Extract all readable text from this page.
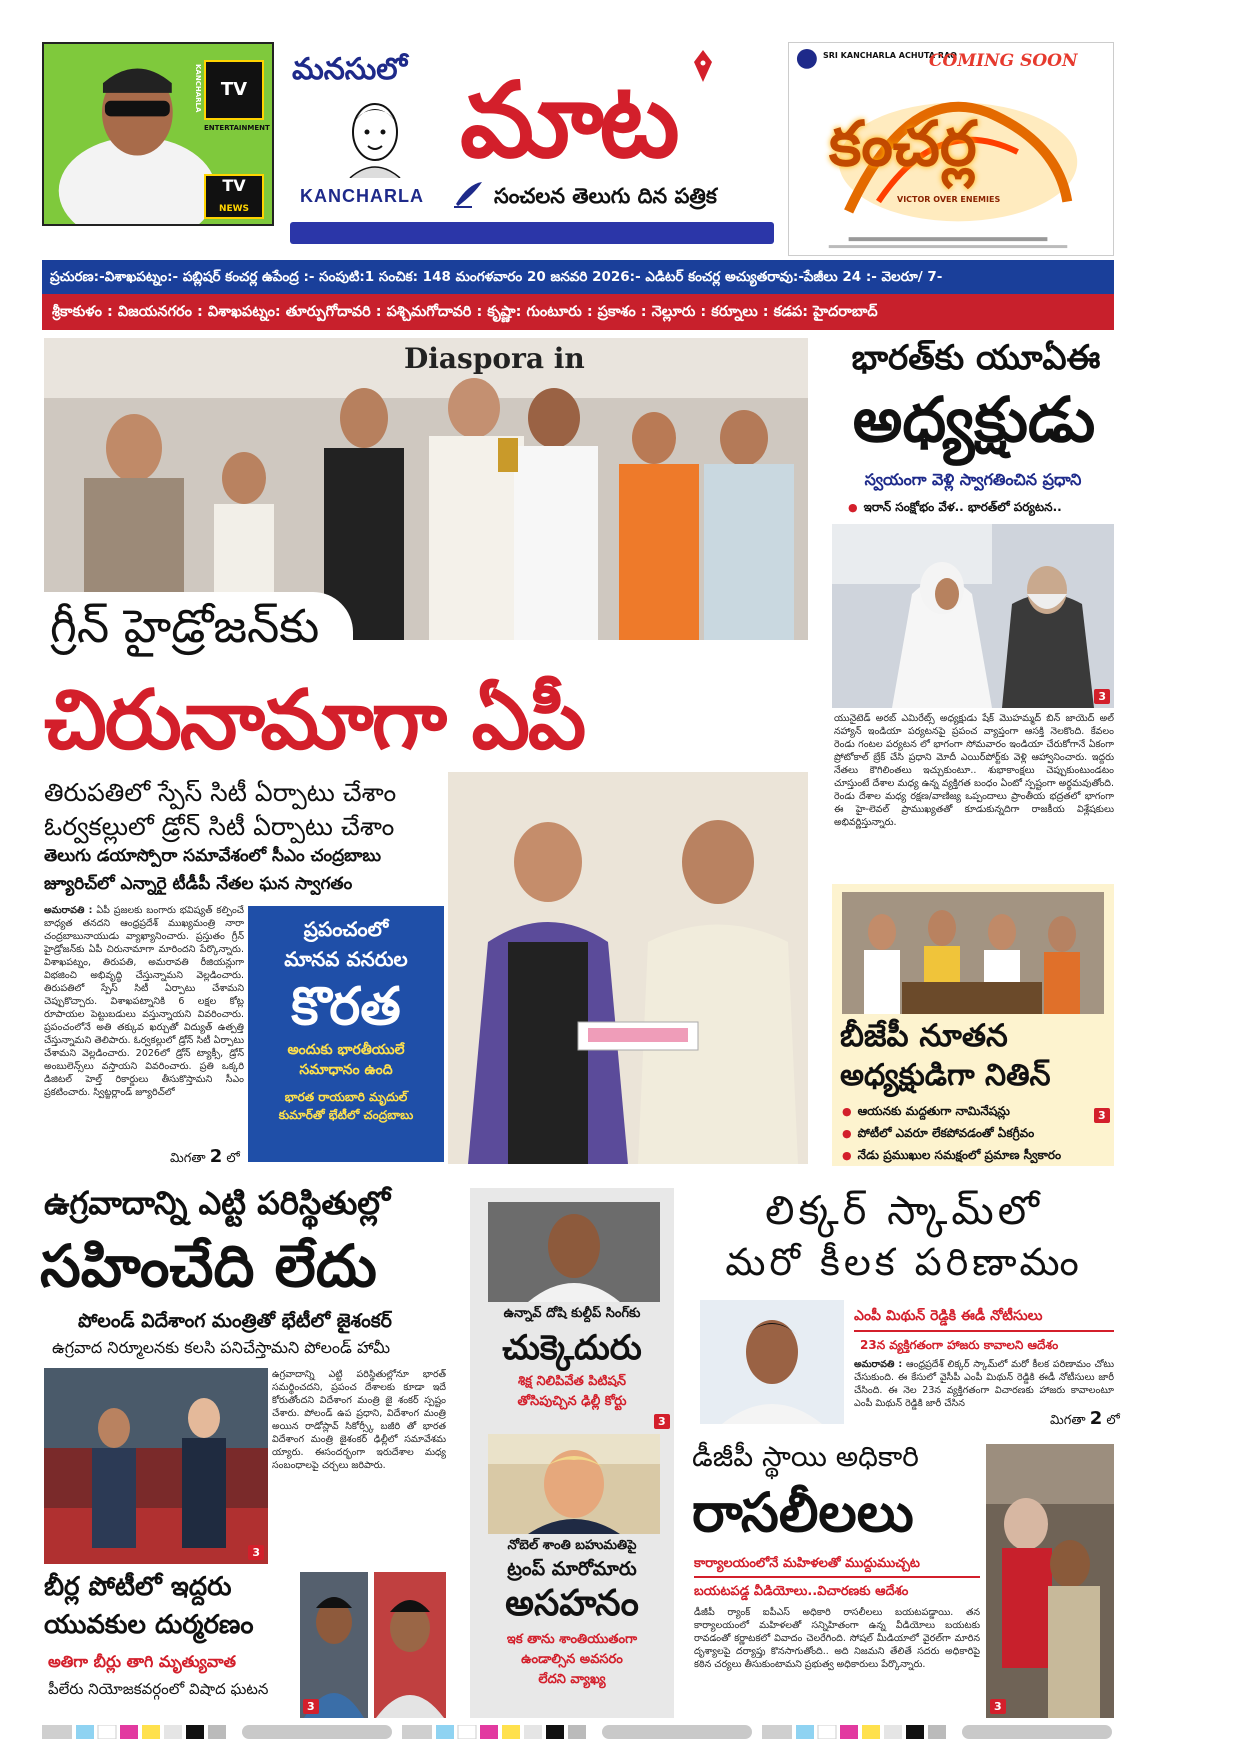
TV
TV
NEWS
ENTERTAINMENT
KANCHARLA	మనసులో మాట
KANCHARLA	సంచలన తెలుగు దిన పత్రిక
SRI KANCHARLA ACHUTA RAO
COMING SOON
కంచర్ల
VICTOR OVER ENEMIES
ప్రచురణ:-విశాఖపట్నం:- పబ్లిషర్ కంచర్ల ఉపేంద్ర :- సంపుటి:1 సంచిక: 148 మంగళవారం 20 జనవరి 2026:- ఎడిటర్ కంచర్ల అచ్యుతరావు:-పేజీలు 24 :- వెలరూ/ 7-
శ్రీకాకుళం : విజయనగరం : విశాఖపట్నం: తూర్పుగోదావరి : పశ్చిమగోదావరి : కృష్ణా: గుంటూరు : ప్రకాశం : నెల్లూరు : కర్నూలు : కడప: హైదరాబాద్
Diaspora in
గ్రీన్ హైడ్రోజన్‌కు
చిరునామాగా ఏపీ
తిరుపతిలో స్పేస్ సిటీ ఏర్పాటు చేశాం
ఓర్వకల్లులో డ్రోన్ సిటీ ఏర్పాటు చేశాం
తెలుగు డయాస్పోరా సమావేశంలో సీఎం చంద్రబాబు
జ్యూరిచ్‌లో ఎన్నారై టీడీపీ నేతల ఘన స్వాగతం
అమరావతి : ఏపీ ప్రజలకు బంగారు భవిష్యత్ కల్పించే బాధ్యత తనదని ఆంధ్రప్రదేశ్ ముఖ్యమంత్రి నారా చంద్రబాబునాయుడు వ్యాఖ్యానించారు. ప్రస్తుతం గ్రీన్ హైడ్రోజన్‌కు ఏపీ చిరునామాగా మారిందని పేర్కొన్నారు. విశాఖపట్నం, తిరుపతి, అమరావతి రీజియన్లుగా విభజించి అభివృద్ధి చేస్తున్నామని వెల్లడించారు. తిరుపతిలో స్పేస్ సిటీ ఏర్పాటు చేశామని చెప్పుకొచ్చారు. విశాఖపట్నానికి 6 లక్షల కోట్ల రూపాయల పెట్టుబడులు వస్తున్నాయని వివరించారు. ప్రపంచంలోనే అతి తక్కువ ఖర్చుతో విద్యుత్ ఉత్పత్తి చేస్తున్నామని తెలిపారు. ఓర్వకల్లులో డ్రోన్ సిటీ ఏర్పాటు చేశామని వెల్లడించారు. 2026లో డ్రోన్ ట్యాక్సీ, డ్రోన్ అంబులెన్స్‌లు వస్తాయని వివరించారు. ప్రతి ఒక్కరి డిజిటల్ హెల్త్ రికార్డులు తీసుకొస్తామని సీఎం ప్రకటించారు. స్విట్జర్లాండ్ జ్యూరిచ్‌లో
మిగతా 2 లో
ప్రపంచంలో
మానవ వనరుల
కొరత
అందుకు భారతీయులే
సమాధానం ఉంది
భారత రాయబారి మృదుల్
కుమార్‌తో భేటీలో చంద్రబాబు
భారత్‌కు యూఏఈ
అధ్యక్షుడు
స్వయంగా వెళ్లి స్వాగతించిన ప్రధాని
● ఇరాన్ సంక్షోభం వేళ.. భారత్‌లో పర్యటన..
3
యునైటెడ్ అరబ్ ఎమిరేట్స్ అధ్యక్షుడు షేక్ మొహమ్మద్ బిన్ జాయెద్ అల్ నహ్యాన్ ఇండియా పర్యటనపై ప్రపంచ వ్యాప్తంగా ఆసక్తి నెలకొంది. కేవలం రెండు గంటల పర్యటన లో భాగంగా సోమవారం ఇండియా చేరుకోగానే ఏకంగా ప్రోటోకాల్ బ్రేక్ చేసి ప్రధాని మోదీ ఎయిర్‌పోర్ట్‌కు వెళ్లి ఆహ్వానించారు. ఇద్దరు నేతలు కౌగిలింతలు ఇచ్చుకుంటూ.. శుభాకాంక్షలు చెప్పుకుంటుండటం చూస్తుంటే దేశాల మధ్య ఉన్న వ్యక్తిగత బంధం ఏంటో స్పష్టంగా అర్థమవుతోంది. రెండు దేశాల మధ్య రక్షణ/వాణిజ్య ఒప్పందాలు ప్రాంతీయ భద్రతలో భాగంగా ఈ హై-లెవల్ ప్రాముఖ్యతతో కూడుకున్నదిగా రాజకీయ విశ్లేషకులు అభివర్ణిస్తున్నారు.
బీజేపీ నూతన
అధ్యక్షుడిగా నితిన్
● ఆయనకు మద్దతుగా నామినేషన్లు
● పోటీలో ఎవరూ లేకపోవడంతో ఏకగ్రీవం
● నేడు ప్రముఖుల సమక్షంలో ప్రమాణ స్వీకారం
3
ఉగ్రవాదాన్ని ఎట్టి పరిస్థితుల్లో
సహించేది లేదు
పోలండ్ విదేశాంగ మంత్రితో భేటీలో జైశంకర్
ఉగ్రవాద నిర్మూలనకు కలసి పనిచేస్తామని పోలండ్ హామీ
3
ఉగ్రవాదాన్ని ఎట్టి పరిస్థితుల్లోనూ భారత్ సమర్థించదని, ప్రపంచ దేశాలకు కూడా ఇదే కోరుతోందని విదేశాంగ మంత్రి జై శంకర్ స్పష్టం చేశారు. పోలండ్ ఉప ప్రధాని, విదేశాంగ మంత్రి అయిన రాడోస్లావ్ సికోర్స్కీ బజీరి తో భారత విదేశాంగ మంత్రి జైశంకర్ ఢిల్లీలో సమావేశమ య్యారు. ఈసందర్భంగా ఇరుదేశాల మధ్య సంబంధాలపై చర్చలు జరిపారు.
ఉన్నావ్ దోషి కుల్దీప్ సింగ్‌కు
చుక్కెదురు
శిక్ష నిలిపివేత పిటిషన్
తోసిపుచ్చిన ఢిల్లీ కోర్టు
3
నోబెల్ శాంతి బహుమతిపై
ట్రంప్ మారోమారు
అసహనం
ఇక తాను శాంతియుతంగా
ఉండాల్సిన అవసరం
లేదని వ్యాఖ్య
లిక్కర్ స్కామ్‌లో
మరో కీలక పరిణామం
ఎంపీ మిథున్ రెడ్డికి ఈడీ నోటీసులు
23న వ్యక్తిగతంగా హాజరు కావాలని ఆదేశం
అమరావతి : ఆంధ్రప్రదేశ్ లిక్కర్ స్కామ్‌లో మరో కీలక పరిణామం చోటు చేసుకుంది. ఈ కేసులో వైసీపీ ఎంపీ మిథున్ రెడ్డికి ఈడీ నోటీసులు జారీ చేసింది. ఈ నెల 23న వ్యక్తిగతంగా విచారణకు హాజరు కావాలంటూ ఎంపీ మిథున్ రెడ్డికి జారీ చేసిన
మిగతా 2 లో
డీజీపీ స్థాయి అధికారి
రాసలీలలు
కార్యాలయంలోనే మహిళలతో ముద్దుముచ్చట
బయటపడ్డ వీడియోలు..విచారణకు ఆదేశం
డీజీపీ ర్యాంక్ ఐపీఎస్ అధికారి రాసలీలలు బయటపడ్డాయి. తన కార్యాలయంలో మహిళలతో సన్నిహితంగా ఉన్న వీడియోలు బయటకు రావడంతో కర్ణాటకలో వివాదం చెలరేగింది. సోషల్ మీడియాలో వైరల్‌గా మారిన దృశ్యాలపై దర్యాప్తు కొనసాగుతోంది.. అది నిజమని తేలితే సదరు అధికారిపై కఠిన చర్యలు తీసుకుంటామని ప్రభుత్వ అధికారులు పేర్కొన్నారు.
3
బీర్ల పోటీలో ఇద్దరు
యువకుల దుర్మరణం
అతిగా బీర్లు తాగి మృత్యువాత
పీలేరు నియోజకవర్గంలో విషాద ఘటన
3
